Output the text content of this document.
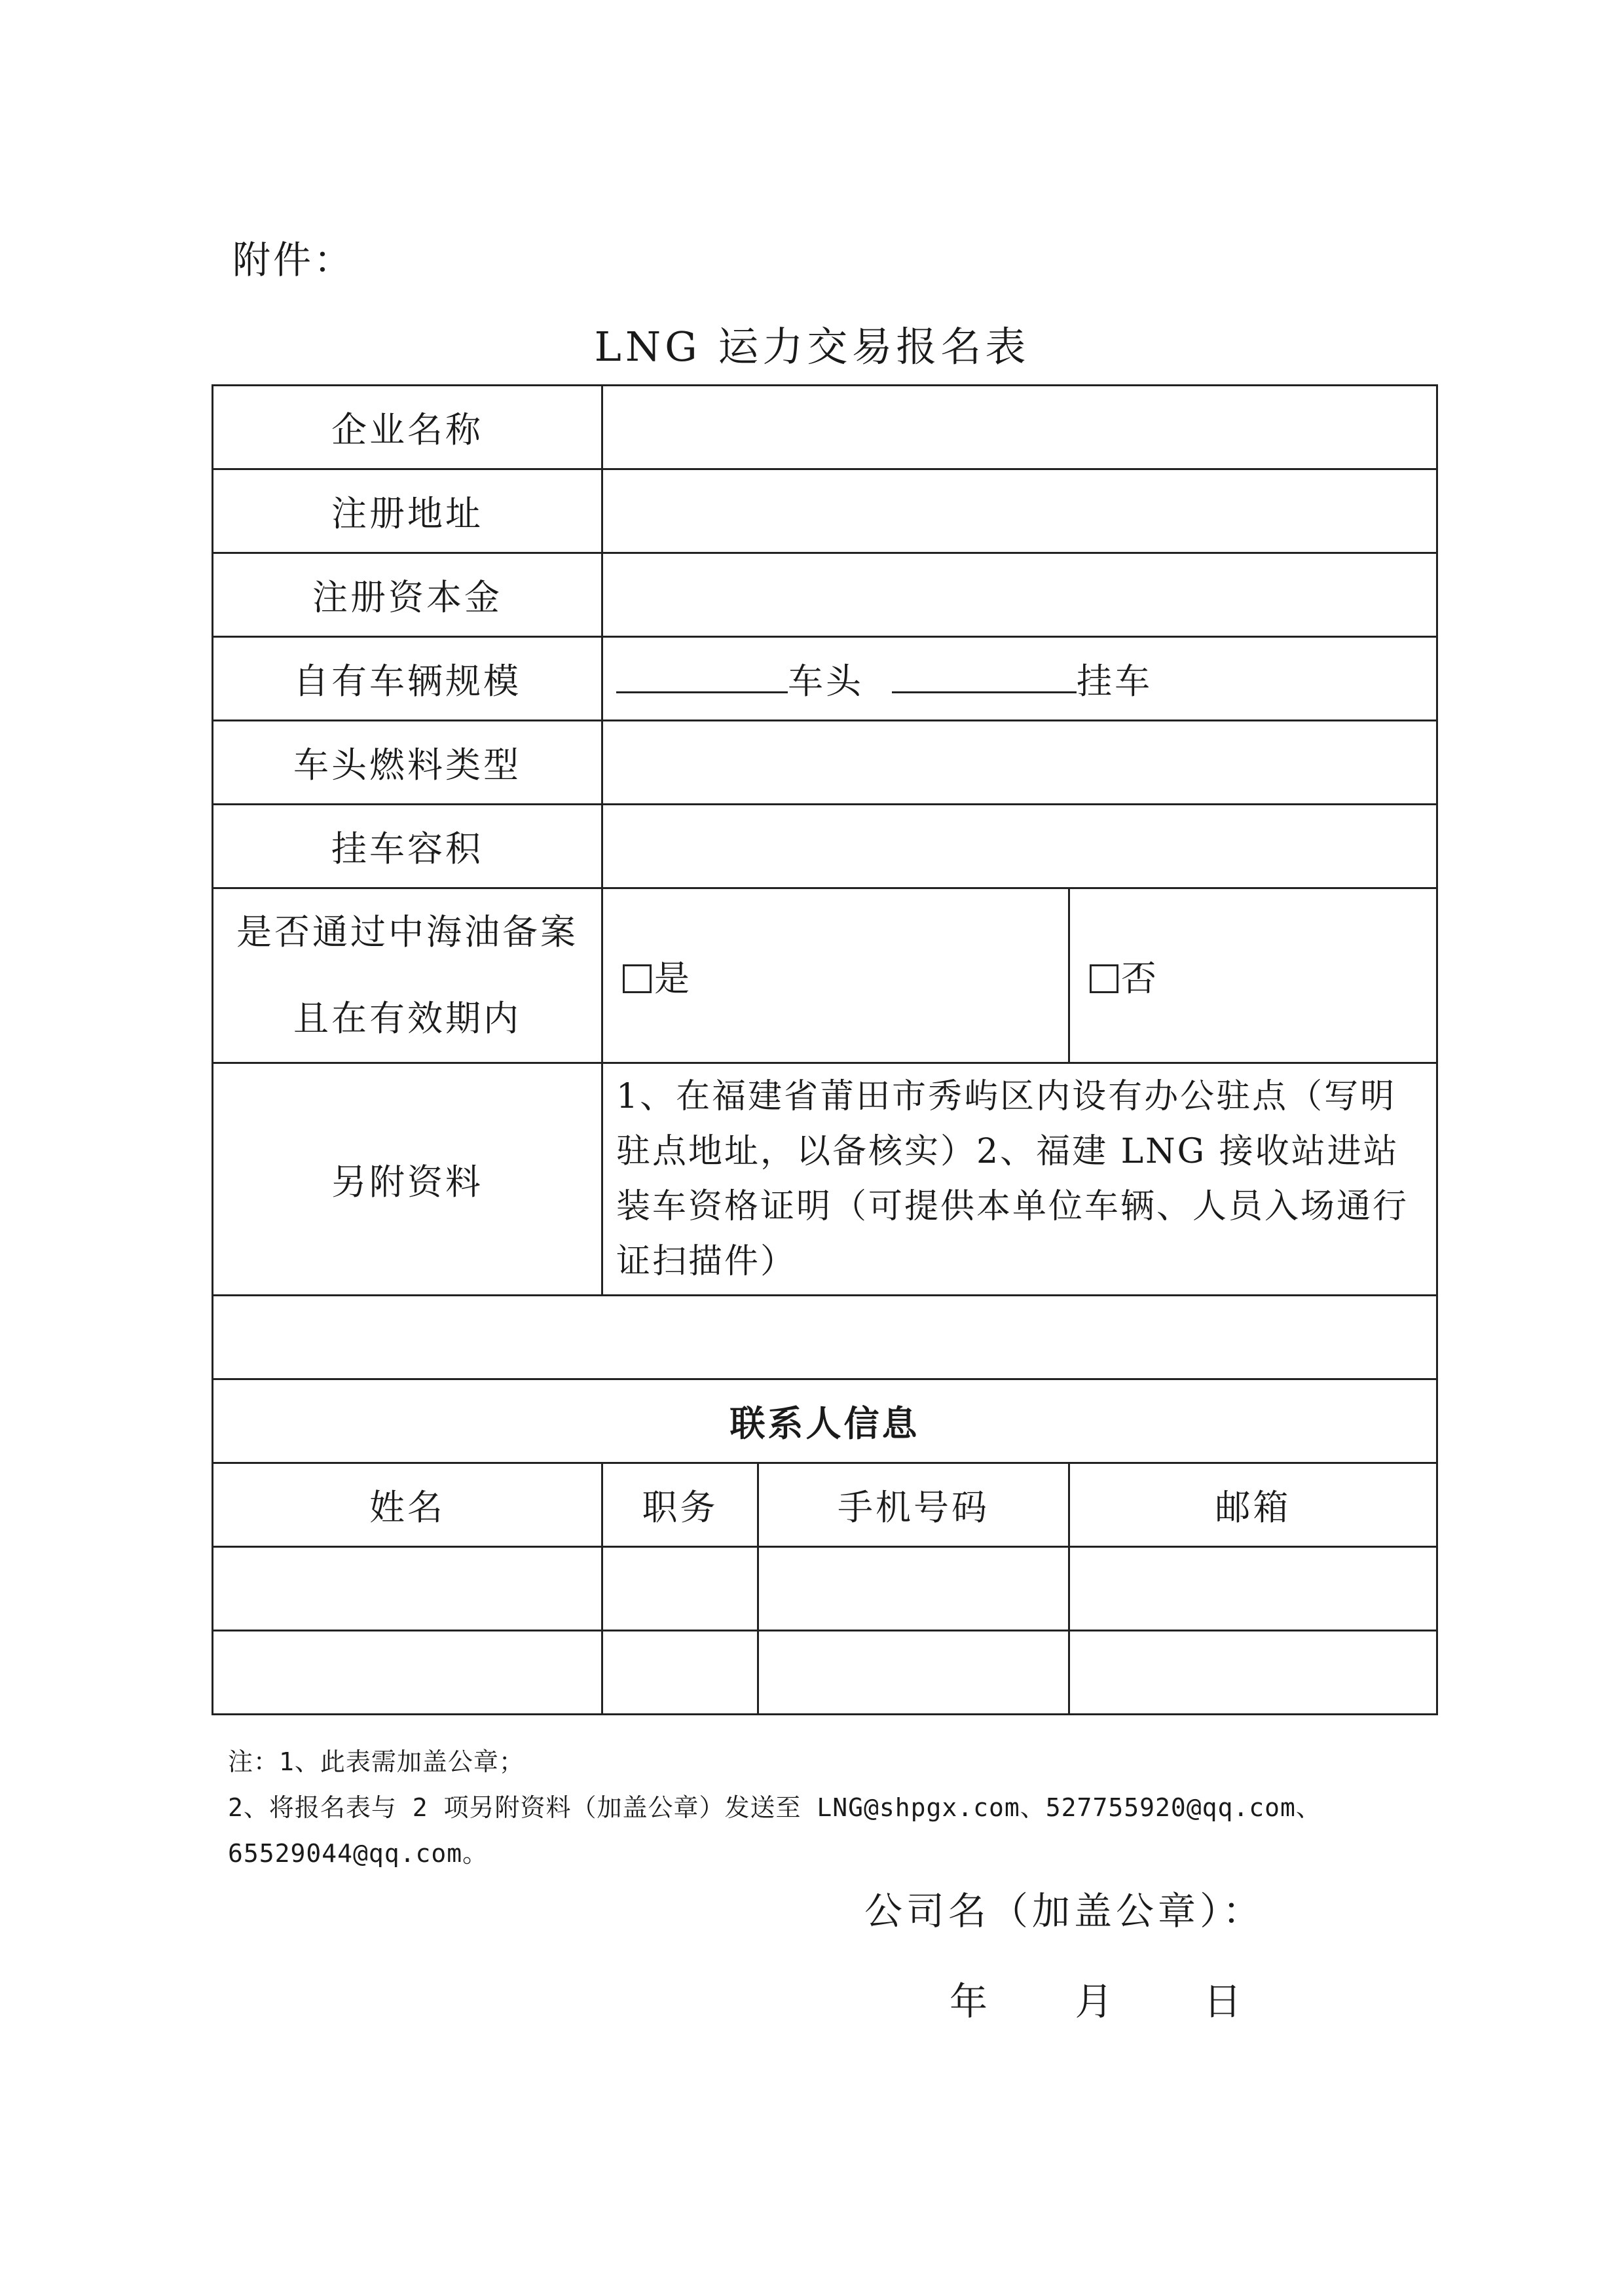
附件：
LNG 运力交易报名表
企业名称			
注册地址			
注册资本金			
自有车辆规模	车头 挂车		
车头燃料类型			
挂车容积			

是否通过中海油备案
且在有效期内	是		否
另附资料	1、在福建省莆田市秀屿区内设有办公驻点（写明驻点地址，以备核实）2、福建 LNG 接收站进站装车资格证明（可提供本单位车辆、人员入场通行证扫描件）		

联系人信息			
姓名	职务	手机号码	邮箱

注：1、此表需加盖公章；
2、将报名表与 2 项另附资料（加盖公章）发送至 LNG@shpgx.com、527755920@qq.com、
65529044@qq.com。
公司名（加盖公章）：
年 月 日
